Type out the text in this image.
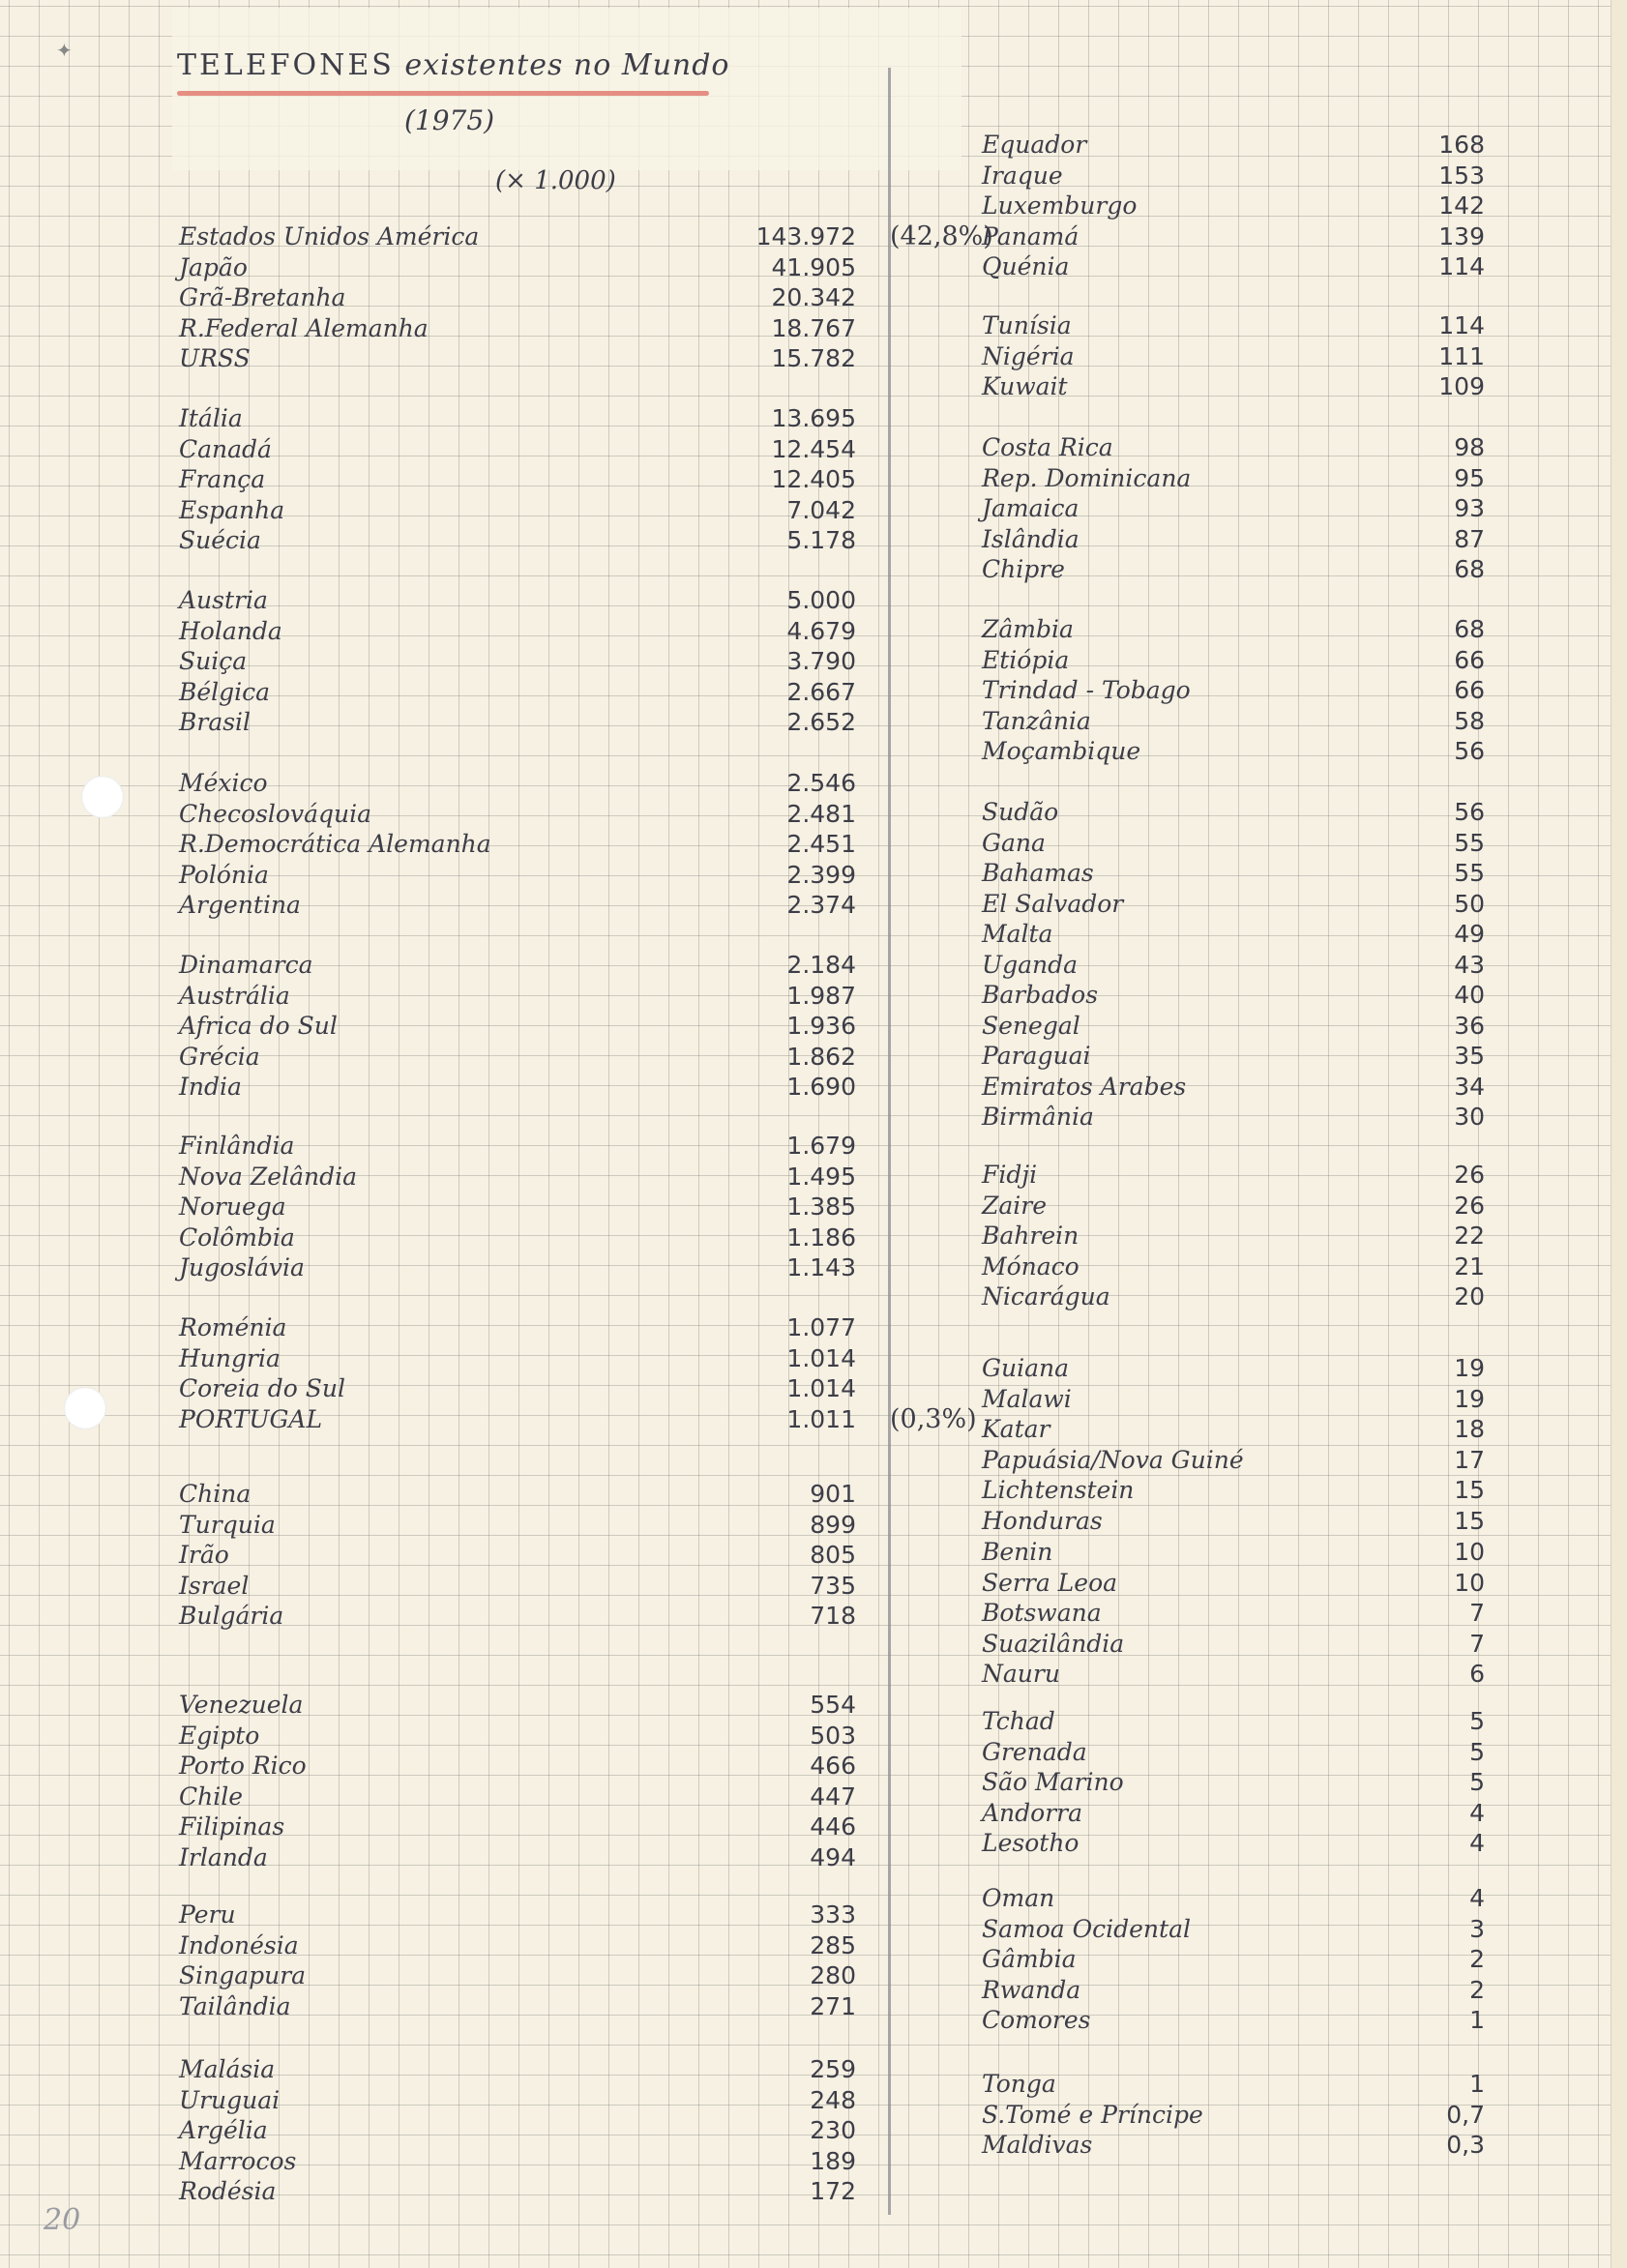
✦	TELEFONES existentes no Mundo
(1975)
(× 1.000)
Estados Unidos América	143.972 (42,8%)
Japão	41.905
Grã-Bretanha	20.342
R.Federal Alemanha	18.767
URSS	15.782
Itália	13.695
Canadá	12.454
França	12.405
Espanha	7.042
Suécia	5.178
Austria	5.000
Holanda	4.679
Suiça	3.790
Bélgica	2.667
Brasil	2.652
México	2.546
Checoslováquia	2.481
R.Democrática Alemanha	2.451
Polónia	2.399
Argentina	2.374
Dinamarca	2.184
Austrália	1.987
Africa do Sul	1.936
Grécia	1.862
India	1.690
Finlândia	1.679
Nova Zelândia	1.495
Noruega	1.385
Colômbia	1.186
Jugoslávia	1.143
Roménia	1.077
Hungria	1.014
Coreia do Sul	1.014
PORTUGAL	1.011 (0,3%)
China	901
Turquia	899
Irão	805
Israel	735
Bulgária	718
Venezuela	554
Egipto	503
Porto Rico	466
Chile	447
Filipinas	446
Irlanda	494
Peru	333
Indonésia	285
Singapura	280
Tailândia	271
Malásia	259
Uruguai	248
Argélia	230
Marrocos	189
Rodésia	172
Equador	168
Iraque	153
Luxemburgo	142
Panamá	139
Quénia	114
Tunísia	114
Nigéria	111
Kuwait	109
Costa Rica	98
Rep. Dominicana	95
Jamaica	93
Islândia	87
Chipre	68
Zâmbia	68
Etiópia	66
Trindad - Tobago	66
Tanzânia	58
Moçambique	56
Sudão	56
Gana	55
Bahamas	55
El Salvador	50
Malta	49
Uganda	43
Barbados	40
Senegal	36
Paraguai	35
Emiratos Arabes	34
Birmânia	30
Fidji	26
Zaire	26
Bahrein	22
Mónaco	21
Nicarágua	20
Guiana	19
Malawi	19
Katar	18
Papuásia/Nova Guiné	17
Lichtenstein	15
Honduras	15
Benin	10
Serra Leoa	10
Botswana	7
Suazilândia	7
Nauru	6
Tchad	5
Grenada	5
São Marino	5
Andorra	4
Lesotho	4
Oman	4
Samoa Ocidental	3
Gâmbia	2
Rwanda	2
Comores	1
Tonga	1
S.Tomé e Príncipe	0,7
Maldivas	0,3
20
